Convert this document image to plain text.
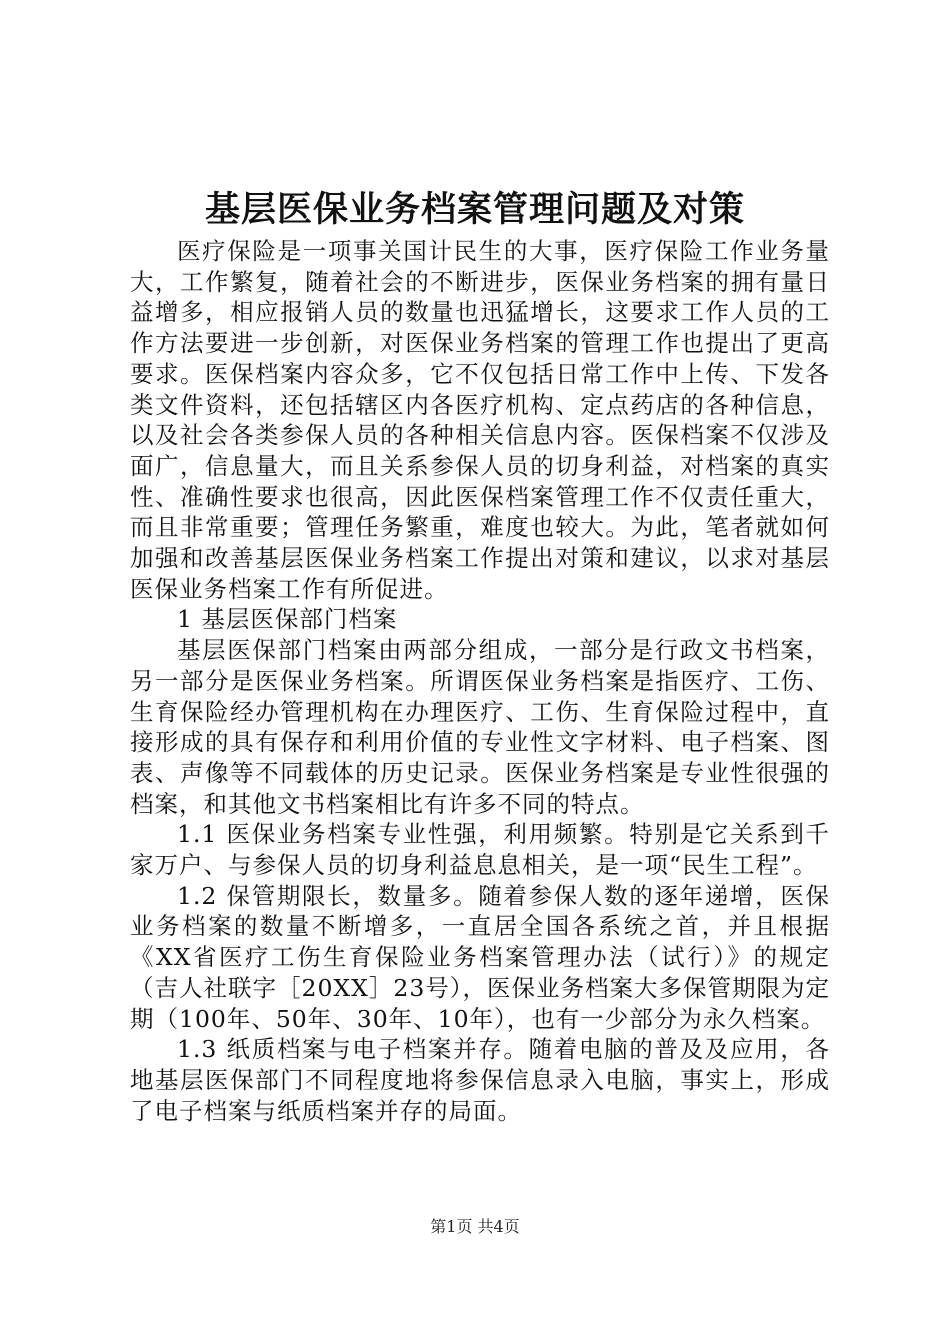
基层医保业务档案管理问题及对策

医疗保险是一项事关国计民生的大事，医疗保险工作业务量大，工作繁复，随着社会的不断进步，医保业务档案的拥有量日益增多，相应报销人员的数量也迅猛增长，这要求工作人员的工作方法要进一步创新，对医保业务档案的管理工作也提出了更高要求。医保档案内容众多，它不仅包括日常工作中上传、下发各类文件资料，还包括辖区内各医疗机构、定点药店的各种信息，以及社会各类参保人员的各种相关信息内容。医保档案不仅涉及面广，信息量大，而且关系参保人员的切身利益，对档案的真实性、准确性要求也很高，因此医保档案管理工作不仅责任重大，而且非常重要；管理任务繁重，难度也较大。为此，笔者就如何加强和改善基层医保业务档案工作提出对策和建议，以求对基层医保业务档案工作有所促进。

1 基层医保部门档案

基层医保部门档案由两部分组成，一部分是行政文书档案，另一部分是医保业务档案。所谓医保业务档案是指医疗、工伤、生育保险经办管理机构在办理医疗、工伤、生育保险过程中，直接形成的具有保存和利用价值的专业性文字材料、电子档案、图表、声像等不同载体的历史记录。医保业务档案是专业性很强的档案，和其他文书档案相比有许多不同的特点。

1.1 医保业务档案专业性强，利用频繁。特别是它关系到千家万户、与参保人员的切身利益息息相关，是一项“民生工程”。

1.2 保管期限长，数量多。随着参保人数的逐年递增，医保业务档案的数量不断增多，一直居全国各系统之首，并且根据《XX省医疗工伤生育保险业务档案管理办法（试行）》的规定（吉人社联字［20XX］23号），医保业务档案大多保管期限为定期（100年、50年、30年、10年），也有一少部分为永久档案。

1.3 纸质档案与电子档案并存。随着电脑的普及及应用，各地基层医保部门不同程度地将参保信息录入电脑，事实上，形成了电子档案与纸质档案并存的局面。

第1页 共4页
